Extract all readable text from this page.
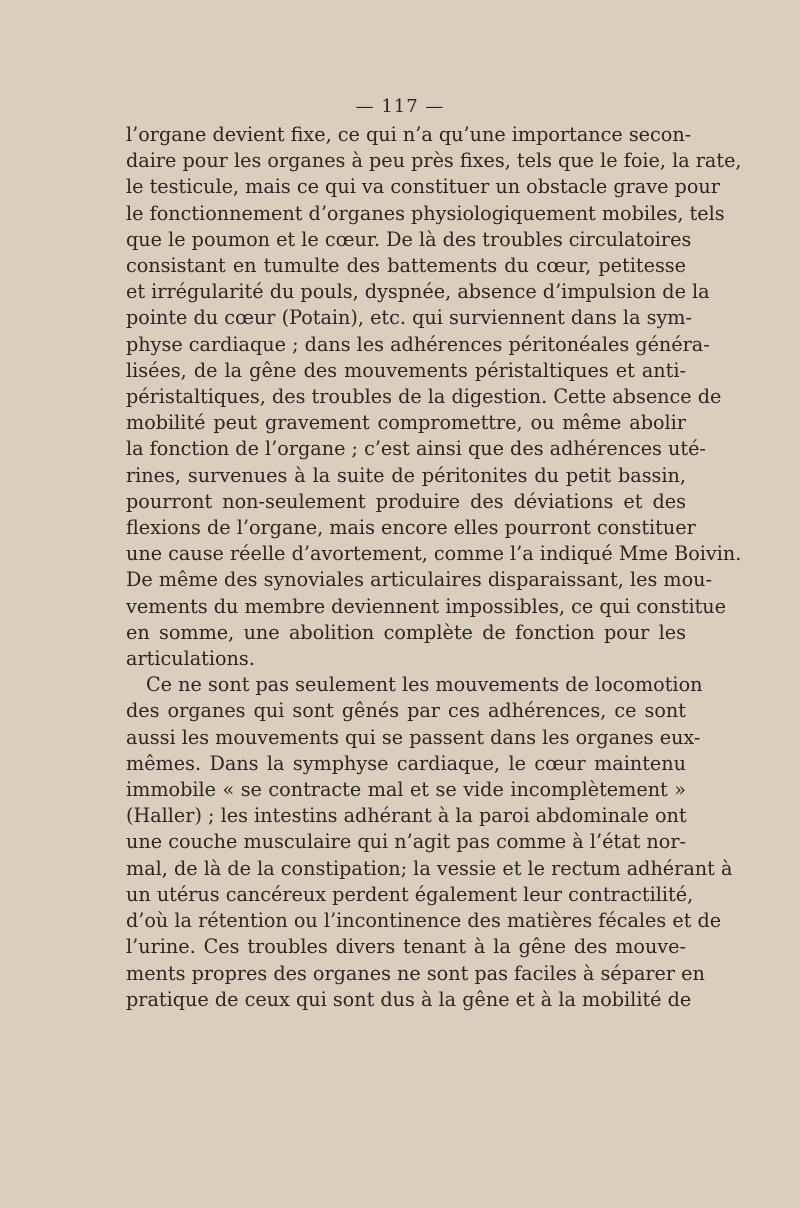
— 117 —
l’organe devient fixe, ce qui n’a qu’une importance secon-
daire pour les organes à peu près fixes, tels que le foie, la rate,
le testicule, mais ce qui va constituer un obstacle grave pour
le fonctionnement d’organes physiologiquement mobiles, tels
que le poumon et le cœur. De là des troubles circulatoires
consistant en tumulte des battements du cœur, petitesse
et irrégularité du pouls, dyspnée, absence d’impulsion de la
pointe du cœur (Potain), etc. qui surviennent dans la sym-
physe cardiaque ; dans les adhérences péritonéales généra-
lisées, de la gêne des mouvements péristaltiques et anti-
péristaltiques, des troubles de la digestion. Cette absence de
mobilité peut gravement compromettre, ou même abolir
la fonction de l’organe ; c’est ainsi que des adhérences uté-
rines, survenues à la suite de péritonites du petit bassin,
pourront non-seulement produire des déviations et des
flexions de l’organe, mais encore elles pourront constituer
une cause réelle d’avortement, comme l’a indiqué Mme Boivin.
De même des synoviales articulaires disparaissant, les mou-
vements du membre deviennent impossibles, ce qui constitue
en somme, une abolition complète de fonction pour les
articulations.
Ce ne sont pas seulement les mouvements de locomotion
des organes qui sont gênés par ces adhérences, ce sont
aussi les mouvements qui se passent dans les organes eux-
mêmes. Dans la symphyse cardiaque, le cœur maintenu
immobile « se contracte mal et se vide incomplètement »
(Haller) ; les intestins adhérant à la paroi abdominale ont
une couche musculaire qui n’agit pas comme à l’état nor-
mal, de là de la constipation; la vessie et le rectum adhérant à
un utérus cancéreux perdent également leur contractilité,
d’où la rétention ou l’incontinence des matières fécales et de
l’urine. Ces troubles divers tenant à la gêne des mouve-
ments propres des organes ne sont pas faciles à séparer en
pratique de ceux qui sont dus à la gêne et à la mobilité de
